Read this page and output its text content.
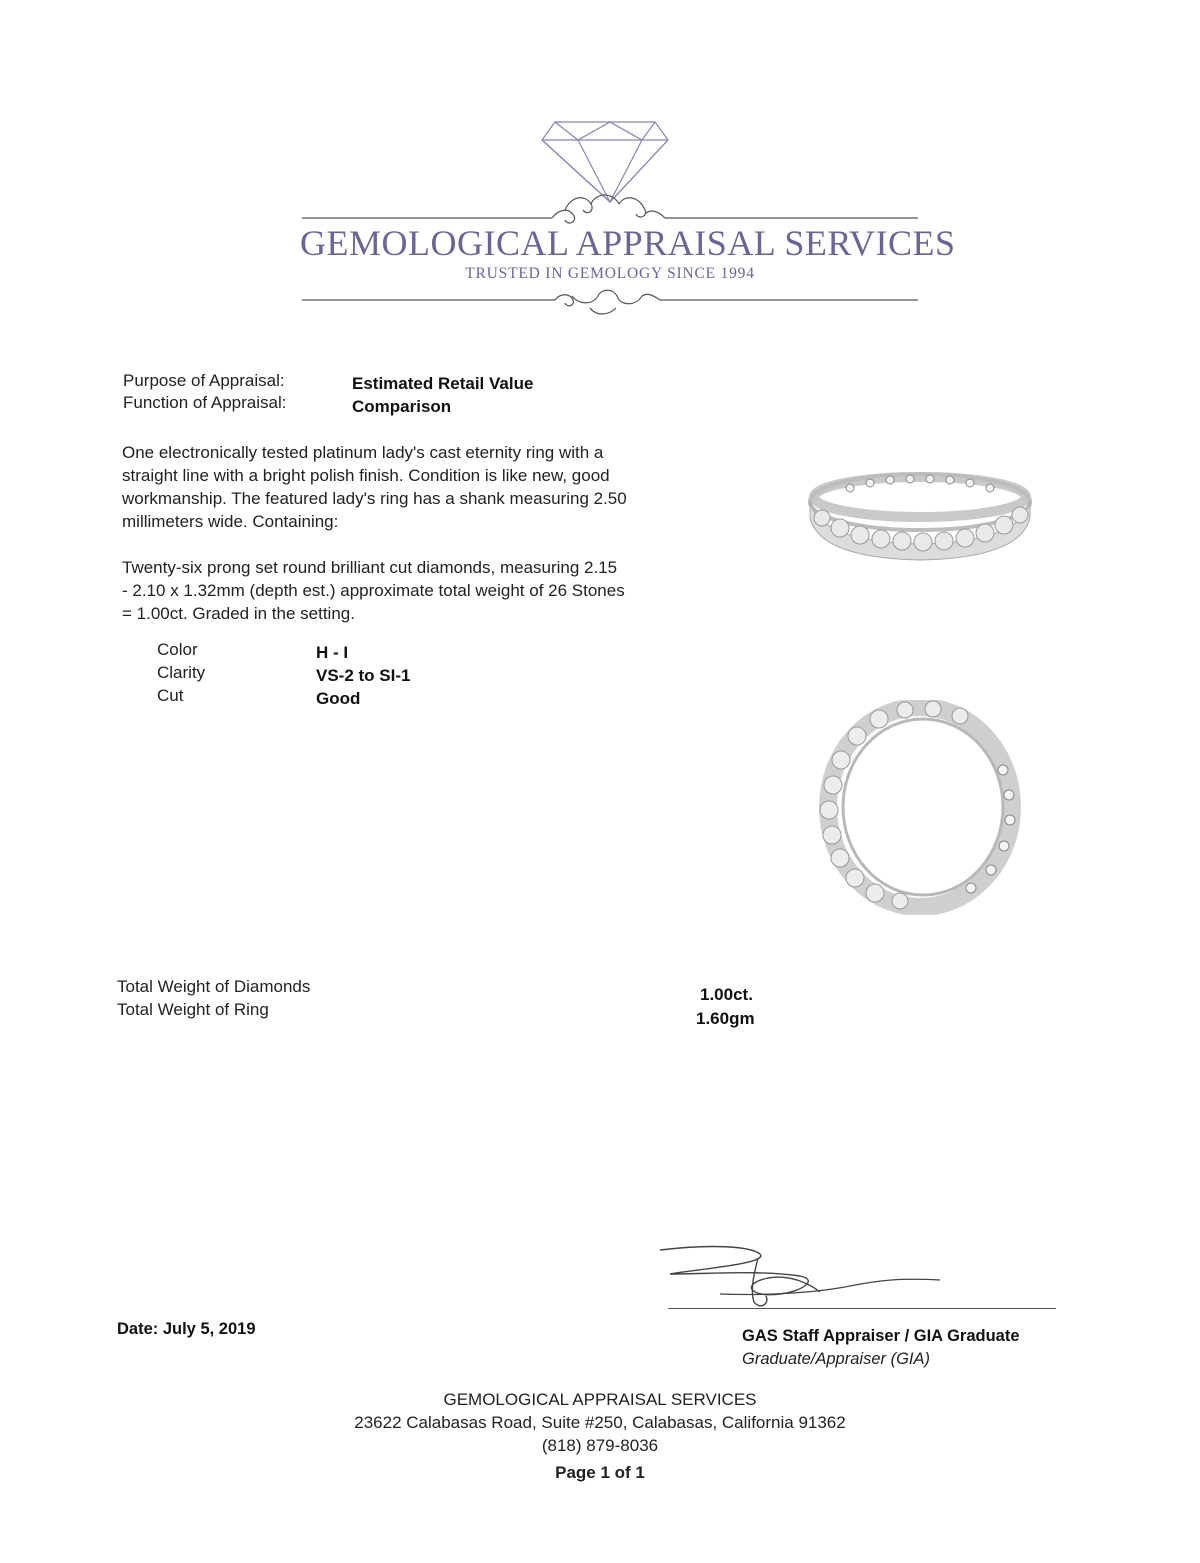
GEMOLOGICAL APPRAISAL SERVICES
TRUSTED IN GEMOLOGY SINCE 1994
Purpose of Appraisal:	Estimated Retail Value
Function of Appraisal:	Comparison
One electronically tested platinum lady's cast eternity ring with a
straight line with a bright polish finish. Condition is like new, good
workmanship. The featured lady's ring has a shank measuring 2.50
millimeters wide. Containing:
Twenty-six prong set round brilliant cut diamonds, measuring 2.15
- 2.10 x 1.32mm (depth est.) approximate total weight of 26 Stones
= 1.00ct. Graded in the setting.
Color	H - I
Clarity	VS-2 to SI-1
Cut	Good
Total Weight of Diamonds	1.00ct.
Total Weight of Ring	1.60gm
Date: July 5, 2019	GAS Staff Appraiser / GIA Graduate
Graduate/Appraiser (GIA)
GEMOLOGICAL APPRAISAL SERVICES
23622 Calabasas Road, Suite #250, Calabasas, California 91362
(818) 879-8036
Page 1 of 1
